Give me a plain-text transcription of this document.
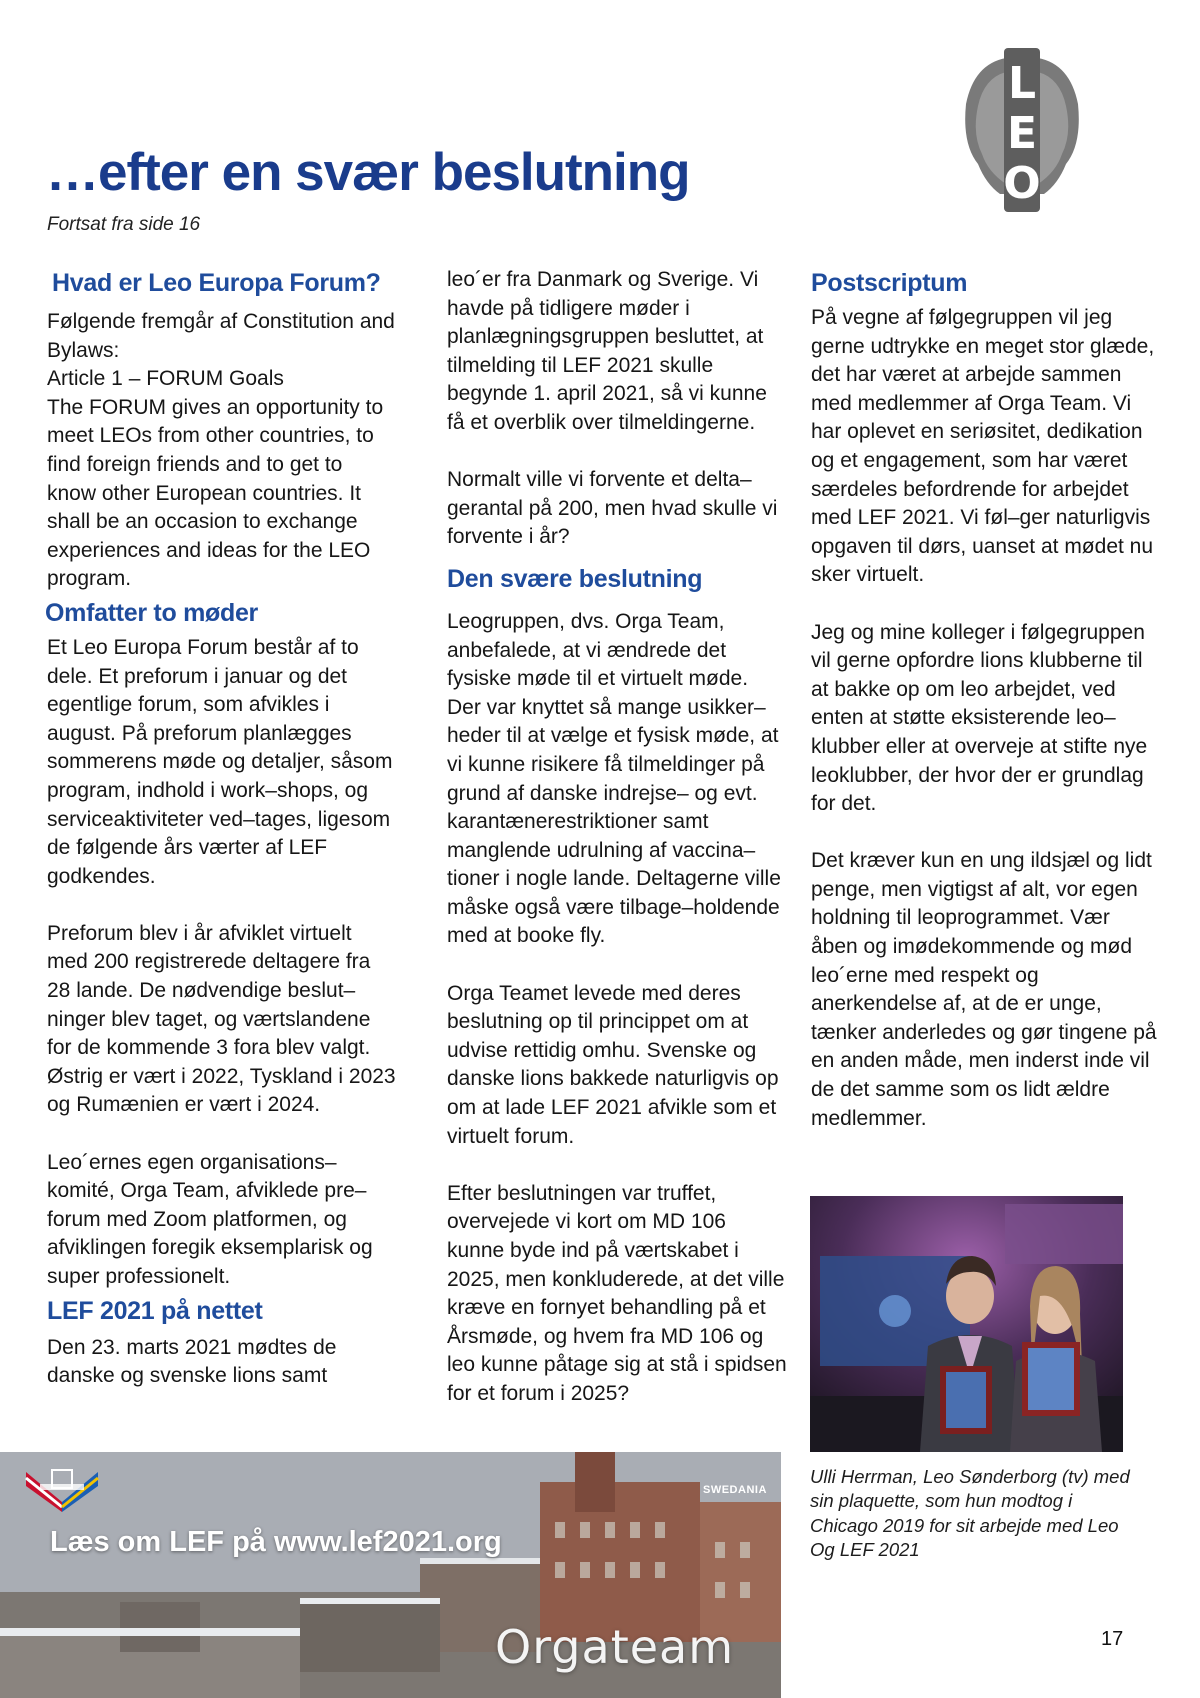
L
E
O
…efter en svær beslutning
Fortsat fra side 16
Hvad er Leo Europa Forum?

Følgende fremgår af Constitution and Bylaws:

Article 1 – FORUM Goals

The FORUM gives an opportunity to meet LEOs from other countries, to find foreign friends and to get to know other European countries. It shall be an occasion to exchange experiences and ideas for the LEO program.

Omfatter to møder

Et Leo Europa Forum består af to dele. Et preforum i januar og det egentlige forum, som afvikles i august. På preforum planlægges sommerens møde og detaljer, såsom program, indhold i work–shops, og serviceaktiviteter ved–tages, ligesom de følgende års værter af LEF godkendes.

Preforum blev i år afviklet virtuelt med 200 registrerede deltagere fra 28 lande. De nødvendige beslut–ninger blev taget, og værtslandene for de kommende 3 fora blev valgt. Østrig er vært i 2022, Tyskland i 2023 og Rumænien er vært i 2024.

Leo´ernes egen organisations–komité, Orga Team, afviklede pre–forum med Zoom platformen, og afviklingen foregik eksemplarisk og super professionelt.

LEF 2021 på nettet

Den 23. marts 2021 mødtes de danske og svenske lions samt

leo´er fra Danmark og Sverige. Vi havde på tidligere møder i planlægningsgruppen besluttet, at tilmelding til LEF 2021 skulle begynde 1. april 2021, så vi kunne få et overblik over tilmeldingerne.

Normalt ville vi forvente et delta–gerantal på 200, men hvad skulle vi forvente i år?

Den svære beslutning

Leogruppen, dvs. Orga Team, anbefalede, at vi ændrede det fysiske møde til et virtuelt møde. Der var knyttet så mange usikker–heder til at vælge et fysisk møde, at vi kunne risikere få tilmeldinger på grund af danske indrejse– og evt. karantænerestriktioner samt manglende udrulning af vaccina–tioner i nogle lande. Deltagerne ville måske også være tilbage–holdende med at booke fly.

Orga Teamet levede med deres beslutning op til princippet om at udvise rettidig omhu. Svenske og danske lions bakkede naturligvis op om at lade LEF 2021 afvikle som et virtuelt forum.

Efter beslutningen var truffet, overvejede vi kort om MD 106 kunne byde ind på værtskabet i 2025, men konkluderede, at det ville kræve en fornyet behandling på et Årsmøde, og hvem fra MD 106 og leo kunne påtage sig at stå i spidsen for et forum i 2025?

Postscriptum

På vegne af følgegruppen vil jeg gerne udtrykke en meget stor glæde, det har været at arbejde sammen med medlemmer af Orga Team. Vi har oplevet en seriøsitet, dedikation og et engagement, som har været særdeles befordrende for arbejdet med LEF 2021. Vi føl–ger naturligvis opgaven til dørs, uanset at mødet nu sker virtuelt.

Jeg og mine kolleger i følgegruppen vil gerne opfordre lions klubberne til at bakke op om leo arbejdet, ved enten at støtte eksisterende leo–klubber eller at overveje at stifte nye leoklubber, der hvor der er grundlag for det.

Det kræver kun en ung ildsjæl og lidt penge, men vigtigst af alt, vor egen holdning til leoprogrammet. Vær åben og imødekommende og mød leo´erne med respekt og anerkendelse af, at de er unge, tænker anderledes og gør tingene på en anden måde, men inderst inde vil de det samme som os lidt ældre medlemmer.

Ulli Herrman, Leo Sønderborg (tv) med sin plaquette, som hun modtog i Chicago 2019 for sit arbejde med Leo Og LEF 2021
SWEDANIA
Læs om LEF på www.lef2021.org
Orgateam	17
